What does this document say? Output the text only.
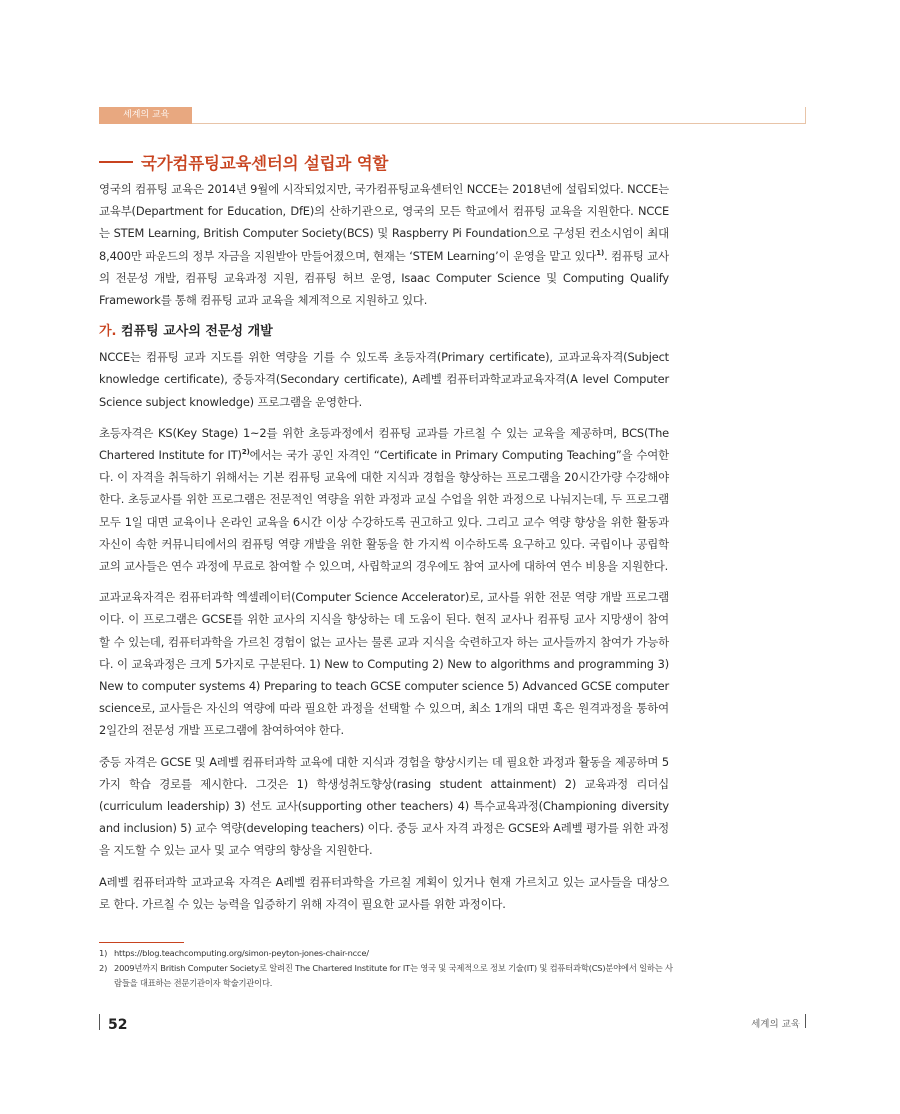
세계의 교육
국가컴퓨팅교육센터의 설립과 역할

영국의 컴퓨팅 교육은 2014년 9월에 시작되었지만, 국가컴퓨팅교육센터인 NCCE는 2018년에 설립되었다. NCCE는 교육부(Department for Education, DfE)의 산하기관으로, 영국의 모든 학교에서 컴퓨팅 교육을 지원한다. NCCE는 STEM Learning, British Computer Society(BCS) 및 Raspberry Pi Foundation으로 구성된 컨소시엄이 최대 8,400만 파운드의 정부 자금을 지원받아 만들어졌으며, 현재는 ‘STEM Learning’이 운영을 맡고 있다$^{1)}$. 컴퓨팅 교사의 전문성 개발, 컴퓨팅 교육과정 지원, 컴퓨팅 허브 운영, Isaac Computer Science 및 Computing Qualify Framework를 통해 컴퓨팅 교과 교육을 체계적으로 지원하고 있다.

가. 컴퓨팅 교사의 전문성 개발

NCCE는 컴퓨팅 교과 지도를 위한 역량을 기를 수 있도록 초등자격(Primary certificate), 교과교육자격(Subject knowledge certificate), 중등자격(Secondary certificate), A레벨 컴퓨터과학교과교육자격(A level Computer Science subject knowledge) 프로그램을 운영한다.

초등자격은 KS(Key Stage) 1~2를 위한 초등과정에서 컴퓨팅 교과를 가르칠 수 있는 교육을 제공하며, BCS(The Chartered Institute for IT)$^{2)}$에서는 국가 공인 자격인 “Certificate in Primary Computing Teaching”을 수여한다. 이 자격을 취득하기 위해서는 기본 컴퓨팅 교육에 대한 지식과 경험을 향상하는 프로그램을 20시간가량 수강해야 한다. 초등교사를 위한 프로그램은 전문적인 역량을 위한 과정과 교실 수업을 위한 과정으로 나눠지는데, 두 프로그램 모두 1일 대면 교육이나 온라인 교육을 6시간 이상 수강하도록 권고하고 있다. 그리고 교수 역량 향상을 위한 활동과 자신이 속한 커뮤니티에서의 컴퓨팅 역량 개발을 위한 활동을 한 가지씩 이수하도록 요구하고 있다. 국립이나 공립학교의 교사들은 연수 과정에 무료로 참여할 수 있으며, 사립학교의 경우에도 참여 교사에 대하여 연수 비용을 지원한다.

교과교육자격은 컴퓨터과학 엑셀레이터(Computer Science Accelerator)로, 교사를 위한 전문 역량 개발 프로그램이다. 이 프로그램은 GCSE를 위한 교사의 지식을 향상하는 데 도움이 된다. 현직 교사나 컴퓨팅 교사 지망생이 참여할 수 있는데, 컴퓨터과학을 가르친 경험이 없는 교사는 물론 교과 지식을 숙련하고자 하는 교사들까지 참여가 가능하다. 이 교육과정은 크게 5가지로 구분된다. 1) New to Computing 2) New to algorithms and programming 3) New to computer systems 4) Preparing to teach GCSE computer science 5) Advanced GCSE computer science로, 교사들은 자신의 역량에 따라 필요한 과정을 선택할 수 있으며, 최소 1개의 대면 혹은 원격과정을 통하여 2일간의 전문성 개발 프로그램에 참여하여야 한다.

중등 자격은 GCSE 및 A레벨 컴퓨터과학 교육에 대한 지식과 경험을 향상시키는 데 필요한 과정과 활동을 제공하며 5가지 학습 경로를 제시한다. 그것은 1) 학생성취도향상(rasing student attainment) 2) 교육과정 리더십(curriculum leadership) 3) 선도 교사(supporting other teachers) 4) 특수교육과정(Championing diversity and inclusion) 5) 교수 역량(developing teachers) 이다. 중등 교사 자격 과정은 GCSE와 A레벨 평가를 위한 과정을 지도할 수 있는 교사 및 교수 역량의 향상을 지원한다.

A레벨 컴퓨터과학 교과교육 자격은 A레벨 컴퓨터과학을 가르칠 계획이 있거나 현재 가르치고 있는 교사들을 대상으로 한다. 가르칠 수 있는 능력을 입증하기 위해 자격이 필요한 교사를 위한 과정이다.

1) https://blog.teachcomputing.org/simon-peyton-jones-chair-ncce/
2) 2009년까지 British Computer Society로 알려진 The Chartered Institute for IT는 영국 및 국제적으로 정보 기술(IT) 및 컴퓨터과학(CS)분야에서 일하는 사람들을 대표하는 전문기관이자 학술기관이다.
52	세계의 교육
